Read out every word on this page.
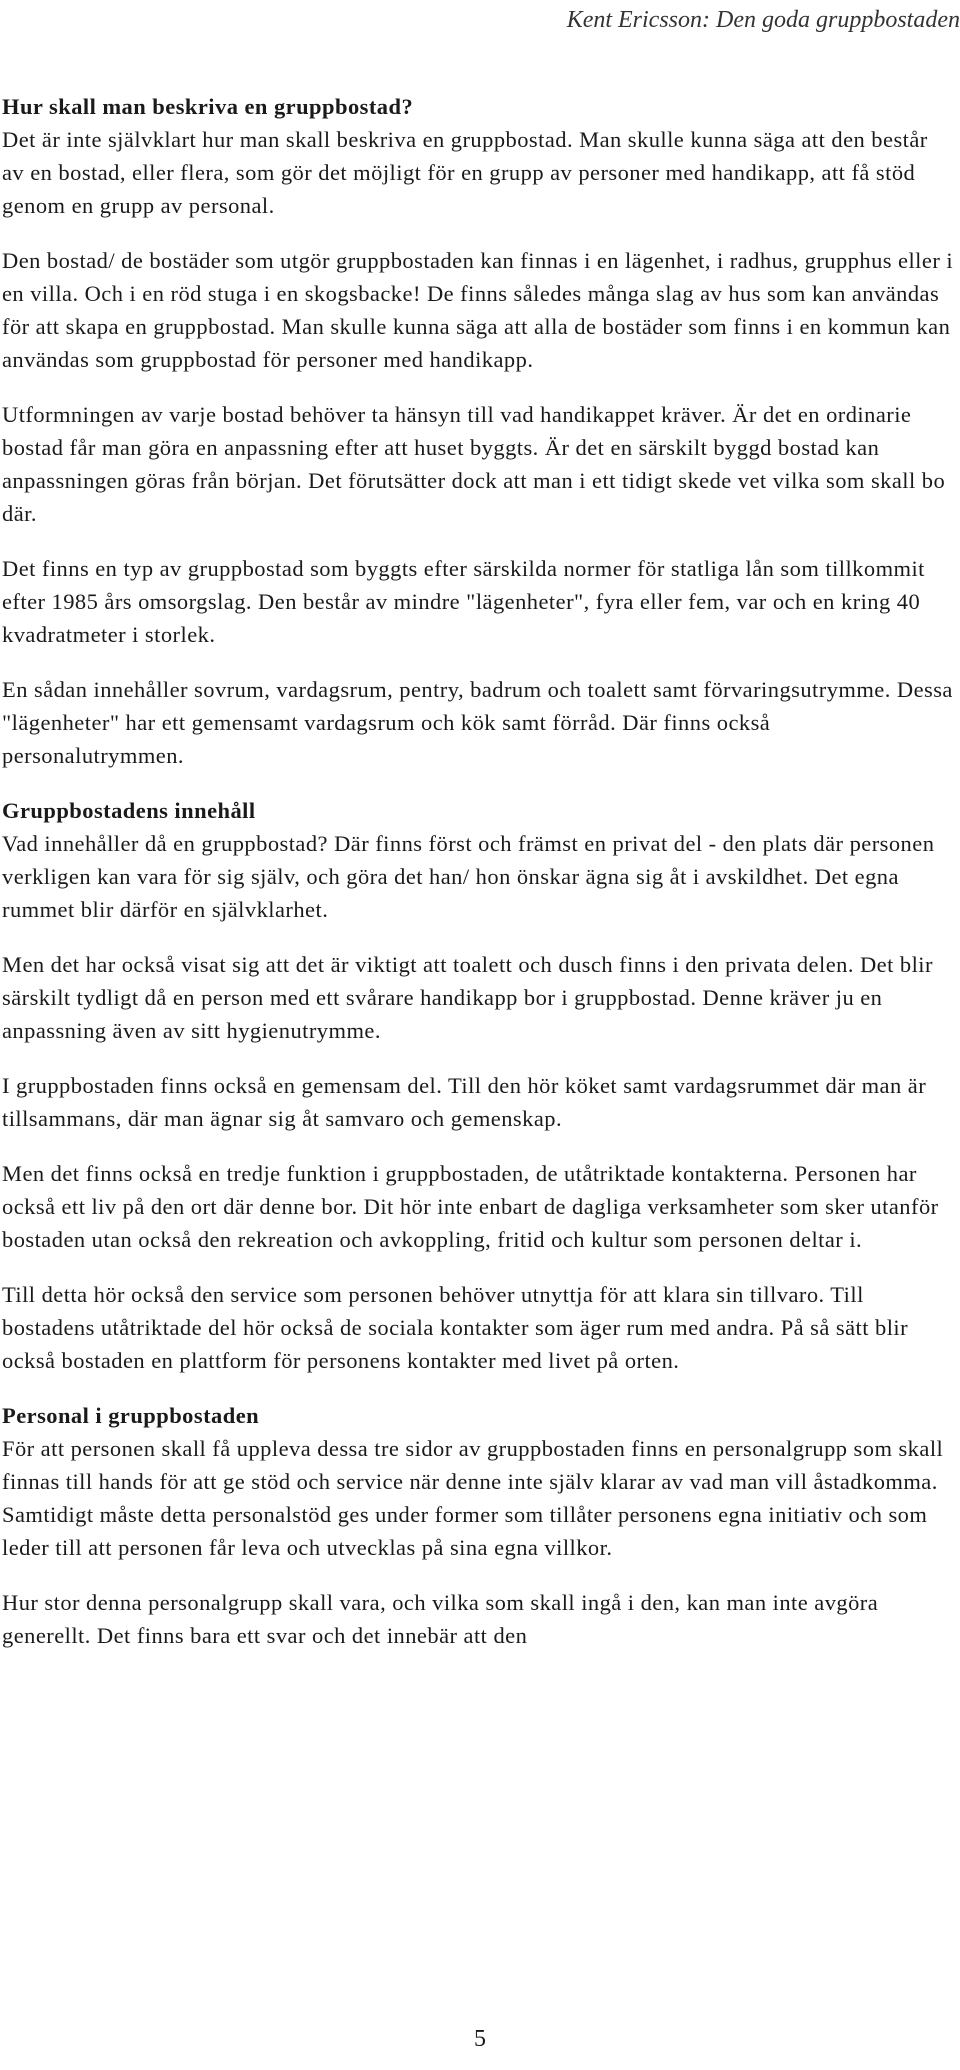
Kent Ericsson: Den goda gruppbostaden

Hur skall man beskriva en gruppbostad?
Det är inte självklart hur man skall beskriva en gruppbostad. Man skulle kunna säga att den består av en bostad, eller flera, som gör det möjligt för en grupp av personer med handikapp, att få stöd genom en grupp av personal.

Den bostad/ de bostäder som utgör gruppbostaden kan finnas i en lägenhet, i radhus, grupphus eller i en villa. Och i en röd stuga i en skogsbacke! De finns således många slag av hus som kan användas för att skapa en gruppbostad. Man skulle kunna säga att alla de bostäder som finns i en kommun kan användas som gruppbostad för personer med handikapp.

Utformningen av varje bostad behöver ta hänsyn till vad handikappet kräver. Är det en ordinarie bostad får man göra en anpassning efter att huset byggts. Är det en särskilt byggd bostad kan anpassningen göras från början. Det förutsätter dock att man i ett tidigt skede vet vilka som skall bo där.

Det finns en typ av gruppbostad som byggts efter särskilda normer för statliga lån som tillkommit efter 1985 års omsorgslag. Den består av mindre "lägenheter", fyra eller fem, var och en kring 40 kvadratmeter i storlek.

En sådan innehåller sovrum, vardagsrum, pentry, badrum och toalett samt förvaringsutrymme. Dessa "lägenheter" har ett gemensamt vardagsrum och kök samt förråd. Där finns också personalutrymmen.

Gruppbostadens innehåll
Vad innehåller då en gruppbostad? Där finns först och främst en privat del - den plats där personen verkligen kan vara för sig själv, och göra det han/ hon önskar ägna sig åt i avskildhet. Det egna rummet blir därför en självklarhet.

Men det har också visat sig att det är viktigt att toalett och dusch finns i den privata delen. Det blir särskilt tydligt då en person med ett svårare handikapp bor i gruppbostad. Denne kräver ju en anpassning även av sitt hygienutrymme.

I gruppbostaden finns också en gemensam del. Till den hör köket samt vardagsrummet där man är tillsammans, där man ägnar sig åt samvaro och gemenskap.

Men det finns också en tredje funktion i gruppbostaden, de utåtriktade kontakterna. Personen har också ett liv på den ort där denne bor. Dit hör inte enbart de dagliga verksamheter som sker utanför bostaden utan också den rekreation och avkoppling, fritid och kultur som personen deltar i.

Till detta hör också den service som personen behöver utnyttja för att klara sin tillvaro. Till bostadens utåtriktade del hör också de sociala kontakter som äger rum med andra. På så sätt blir också bostaden en plattform för personens kontakter med livet på orten.

Personal i gruppbostaden
För att personen skall få uppleva dessa tre sidor av gruppbostaden finns en personalgrupp som skall finnas till hands för att ge stöd och service när denne inte själv klarar av vad man vill åstadkomma. Samtidigt måste detta personalstöd ges under former som tillåter personens egna initiativ och som leder till att personen får leva och utvecklas på sina egna villkor.

Hur stor denna personalgrupp skall vara, och vilka som skall ingå i den, kan man inte avgöra generellt. Det finns bara ett svar och det innebär att den

5
